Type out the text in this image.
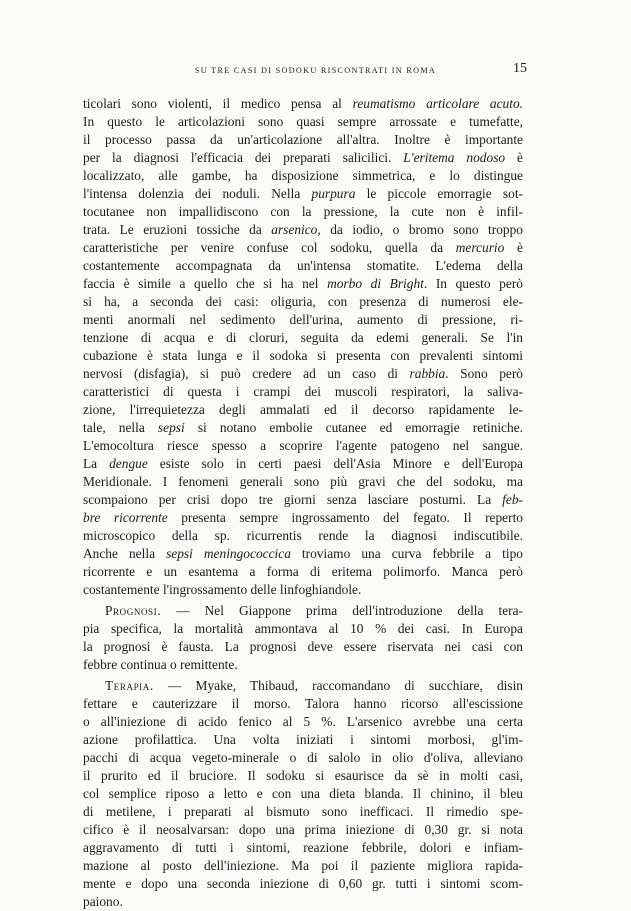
SU TRE CASI DI SODOKU RISCONTRATI IN ROMA	15
ticolari sono violenti, il medico pensa al reumatismo articolare acuto.
In questo le articolazioni sono quasi sempre arrossate e tumefatte,
il processo passa da un'articolazione all'altra. Inoltre è importante
per la diagnosi l'efficacia dei preparati salicilici. L'eritema nodoso è
localizzato, alle gambe, ha disposizione simmetrica, e lo distingue
l'intensa dolenzia dei noduli. Nella purpura le piccole emorragie sot-
tocutanee non impallidiscono con la pressione, la cute non è infil-
trata. Le eruzioni tossiche da arsenico, da iodio, o bromo sono troppo
caratteristiche per venire confuse col sodoku, quella da mercurio è
costantemente accompagnata da un'intensa stomatite. L'edema della
faccia è simile a quello che si ha nel morbo di Bright. In questo però
si ha, a seconda dei casi: oliguria, con presenza di numerosi ele-
menti anormali nel sedimento dell'urina, aumento di pressione, ri-
tenzione di acqua e di cloruri, seguita da edemi generali. Se l'in
cubazione è stata lunga e il sodoka si presenta con prevalenti sintomi
nervosi (disfagia), si può credere ad un caso di rabbia. Sono però
caratteristici di questa i crampi dei muscoli respiratori, la saliva-
zione, l'irrequietezza degli ammalati ed il decorso rapidamente le-
tale, nella sepsi si notano embolie cutanee ed emorragie retiniche.
L'emocoltura riesce spesso a scoprire l'agente patogeno nel sangue.
La dengue esiste solo in certi paesi dell'Asia Minore e dell'Europa
Meridionale. I fenomeni generali sono più gravi che del sodoku, ma
scompaiono per crisi dopo tre giorni senza lasciare postumi. La feb-
bre ricorrente presenta sempre ingrossamento del fegato. Il reperto
microscopico della sp. ricurrentis rende la diagnosi indiscutibile.
Anche nella sepsi meningococcica troviamo una curva febbrile a tipo
ricorrente e un esantema a forma di eritema polimorfo. Manca però
costantemente l'ingrossamento delle linfoghiandole.
Prognosi. — Nel Giappone prima dell'introduzione della tera-
pia specifica, la mortalità ammontava al 10 % dei casi. In Europa
la prognosi è fausta. La prognosi deve essere riservata nei casi con
febbre continua o remittente.
Terapia. — Myake, Thibaud, raccomandano di succhiare, disin
fettare e cauterizzare il morso. Talora hanno ricorso all'escissione
o all'iniezione di acido fenico al 5 %. L'arsenico avrebbe una certa
azione profilattica. Una volta iniziati i sintomi morbosi, gl'im-
pacchi di acqua vegeto-minerale o di salolo in olio d'oliva, alleviano
il prurito ed il bruciore. Il sodoku si esaurisce da sè in molti casi,
col semplice riposo a letto e con una dieta blanda. Il chinino, il bleu
di metilene, i preparati al bismuto sono inefficaci. Il rimedio spe-
cifico è il neosalvarsan: dopo una prima iniezione di 0,30 gr. si nota
aggravamento di tutti i sintomi, reazione febbrile, dolori e infiam-
mazione al posto dell'iniezione. Ma poi il paziente migliora rapida-
mente e dopo una seconda iniezione di 0,60 gr. tutti i sintomi scom-
paiono.
